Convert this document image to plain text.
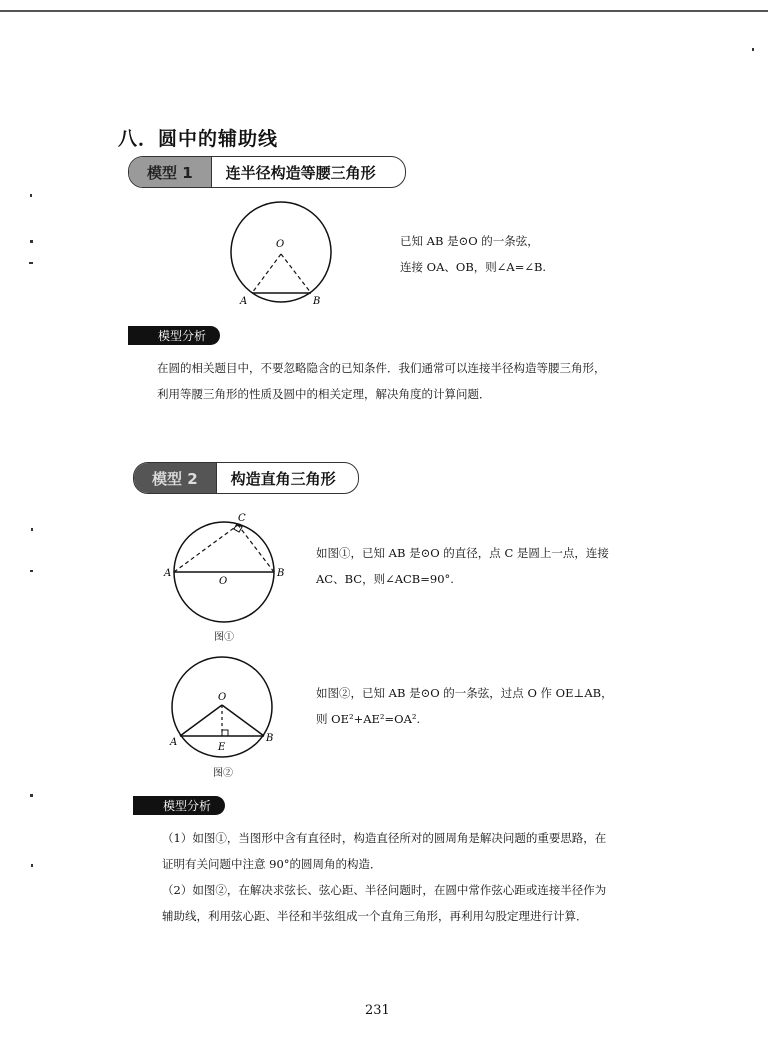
八．圆中的辅助线
模型 1	连半径构造等腰三角形
O
A	B
已知 AB 是⊙O 的一条弦，
连接 OA、OB，则∠A=∠B.
模型分析
在圆的相关题目中，不要忽略隐含的已知条件．我们通常可以连接半径构造等腰三角形，
利用等腰三角形的性质及圆中的相关定理，解决角度的计算问题．
模型 2	构造直角三角形
C
A	B
O
图①
如图①，已知 AB 是⊙O 的直径，点 C 是圆上一点，连接
AC、BC，则∠ACB=90°.
O
A	B
E
图②
如图②，已知 AB 是⊙O 的一条弦，过点 O 作 OE⊥AB，
则 OE²+AE²=OA².
模型分析
（1）如图①，当图形中含有直径时，构造直径所对的圆周角是解决问题的重要思路，在
证明有关问题中注意 90°的圆周角的构造．
（2）如图②，在解决求弦长、弦心距、半径问题时，在圆中常作弦心距或连接半径作为
辅助线，利用弦心距、半径和半弦组成一个直角三角形，再利用勾股定理进行计算．
231
